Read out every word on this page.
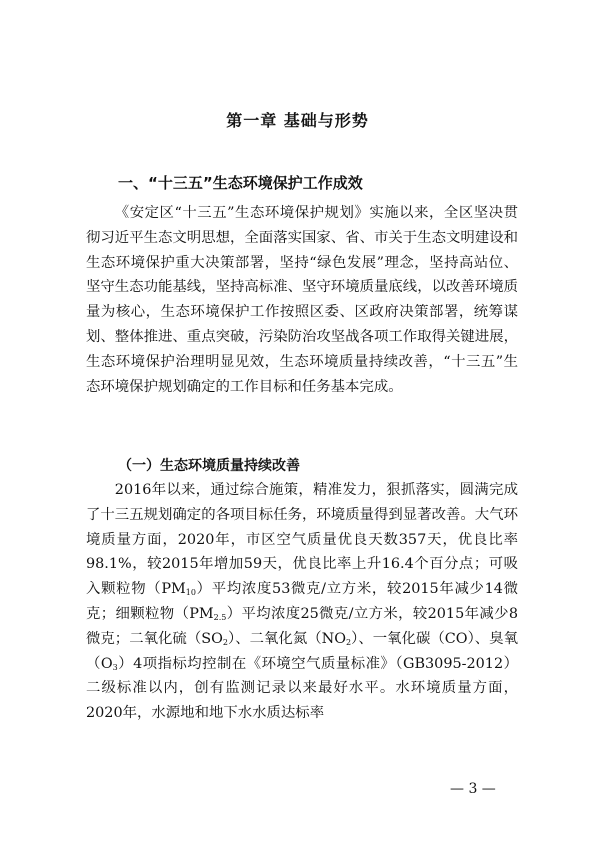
第一章 基础与形势
一、“十三五”生态环境保护工作成效
《安定区“十三五”生态环境保护规划》实施以来，全区坚决贯彻习近平生态文明思想，全面落实国家、省、市关于生态文明建设和生态环境保护重大决策部署，坚持“绿色发展”理念，坚持高站位、坚守生态功能基线，坚持高标准、坚守环境质量底线，以改善环境质量为核心，生态环境保护工作按照区委、区政府决策部署，统筹谋划、整体推进、重点突破，污染防治攻坚战各项工作取得关键进展，生态环境保护治理明显见效，生态环境质量持续改善，“十三五”生态环境保护规划确定的工作目标和任务基本完成。
（一）生态环境质量持续改善
2016年以来，通过综合施策，精准发力，狠抓落实，圆满完成了十三五规划确定的各项目标任务，环境质量得到显著改善。大气环境质量方面，2020年，市区空气质量优良天数357天，优良比率98.1%，较2015年增加59天，优良比率上升16.4个百分点；可吸入颗粒物$(PM_{10})$平均浓度53微克/立方米，较2015年减少14微克；细颗粒物$(PM_{2.5})$平均浓度25微克/立方米，较2015年减少8微克；二氧化硫$(SO_2)$、二氧化氮$(NO_2)$、一氧化碳（CO）、臭氧$(O_3)4$项指标均控制在《环境空气质量标准》（GB3095-2012）二级标准以内，创有监测记录以来最好水平。水环境质量方面，2020年，水源地和地下水水质达标率
— 3 —
